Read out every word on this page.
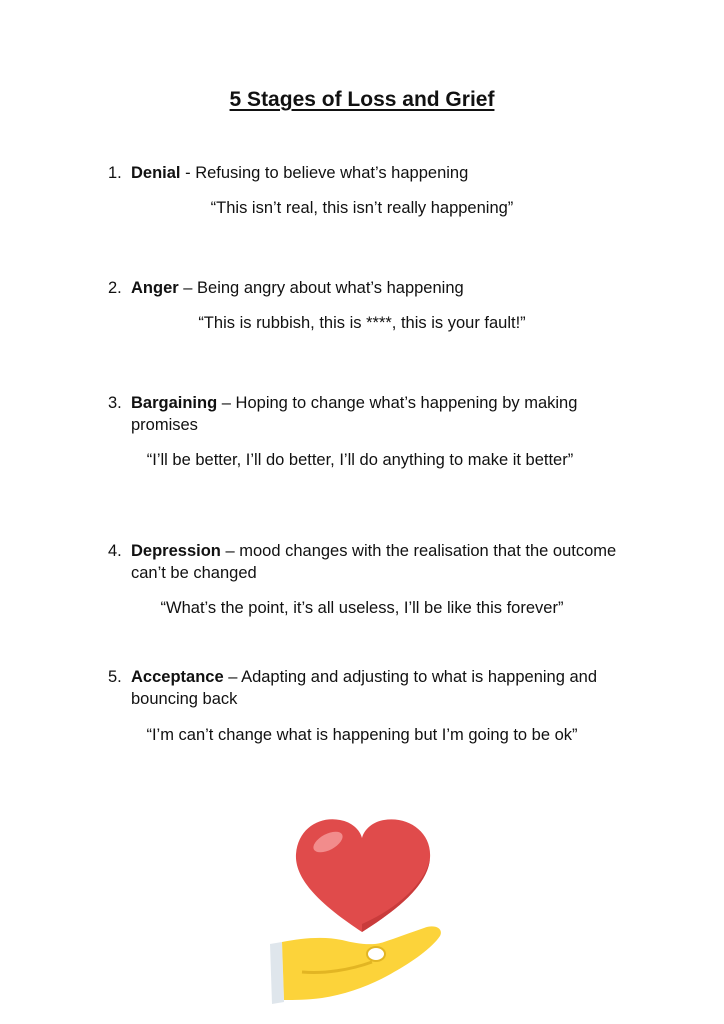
5 Stages of Loss and Grief
1. Denial - Refusing to believe what’s happening
“This isn’t real, this isn’t really happening”
2. Anger – Being angry about what’s happening
“This is rubbish, this is ****, this is your fault!”
3. Bargaining – Hoping to change what’s happening by making promises
“I’ll be better, I’ll do better, I’ll do anything to make it better”
4. Depression – mood changes with the realisation that the outcome can’t be changed
“What’s the point, it’s all useless, I’ll be like this forever”
5. Acceptance – Adapting and adjusting to what is happening and bouncing back
“I’m can’t change what is happening but I’m going to be ok”
